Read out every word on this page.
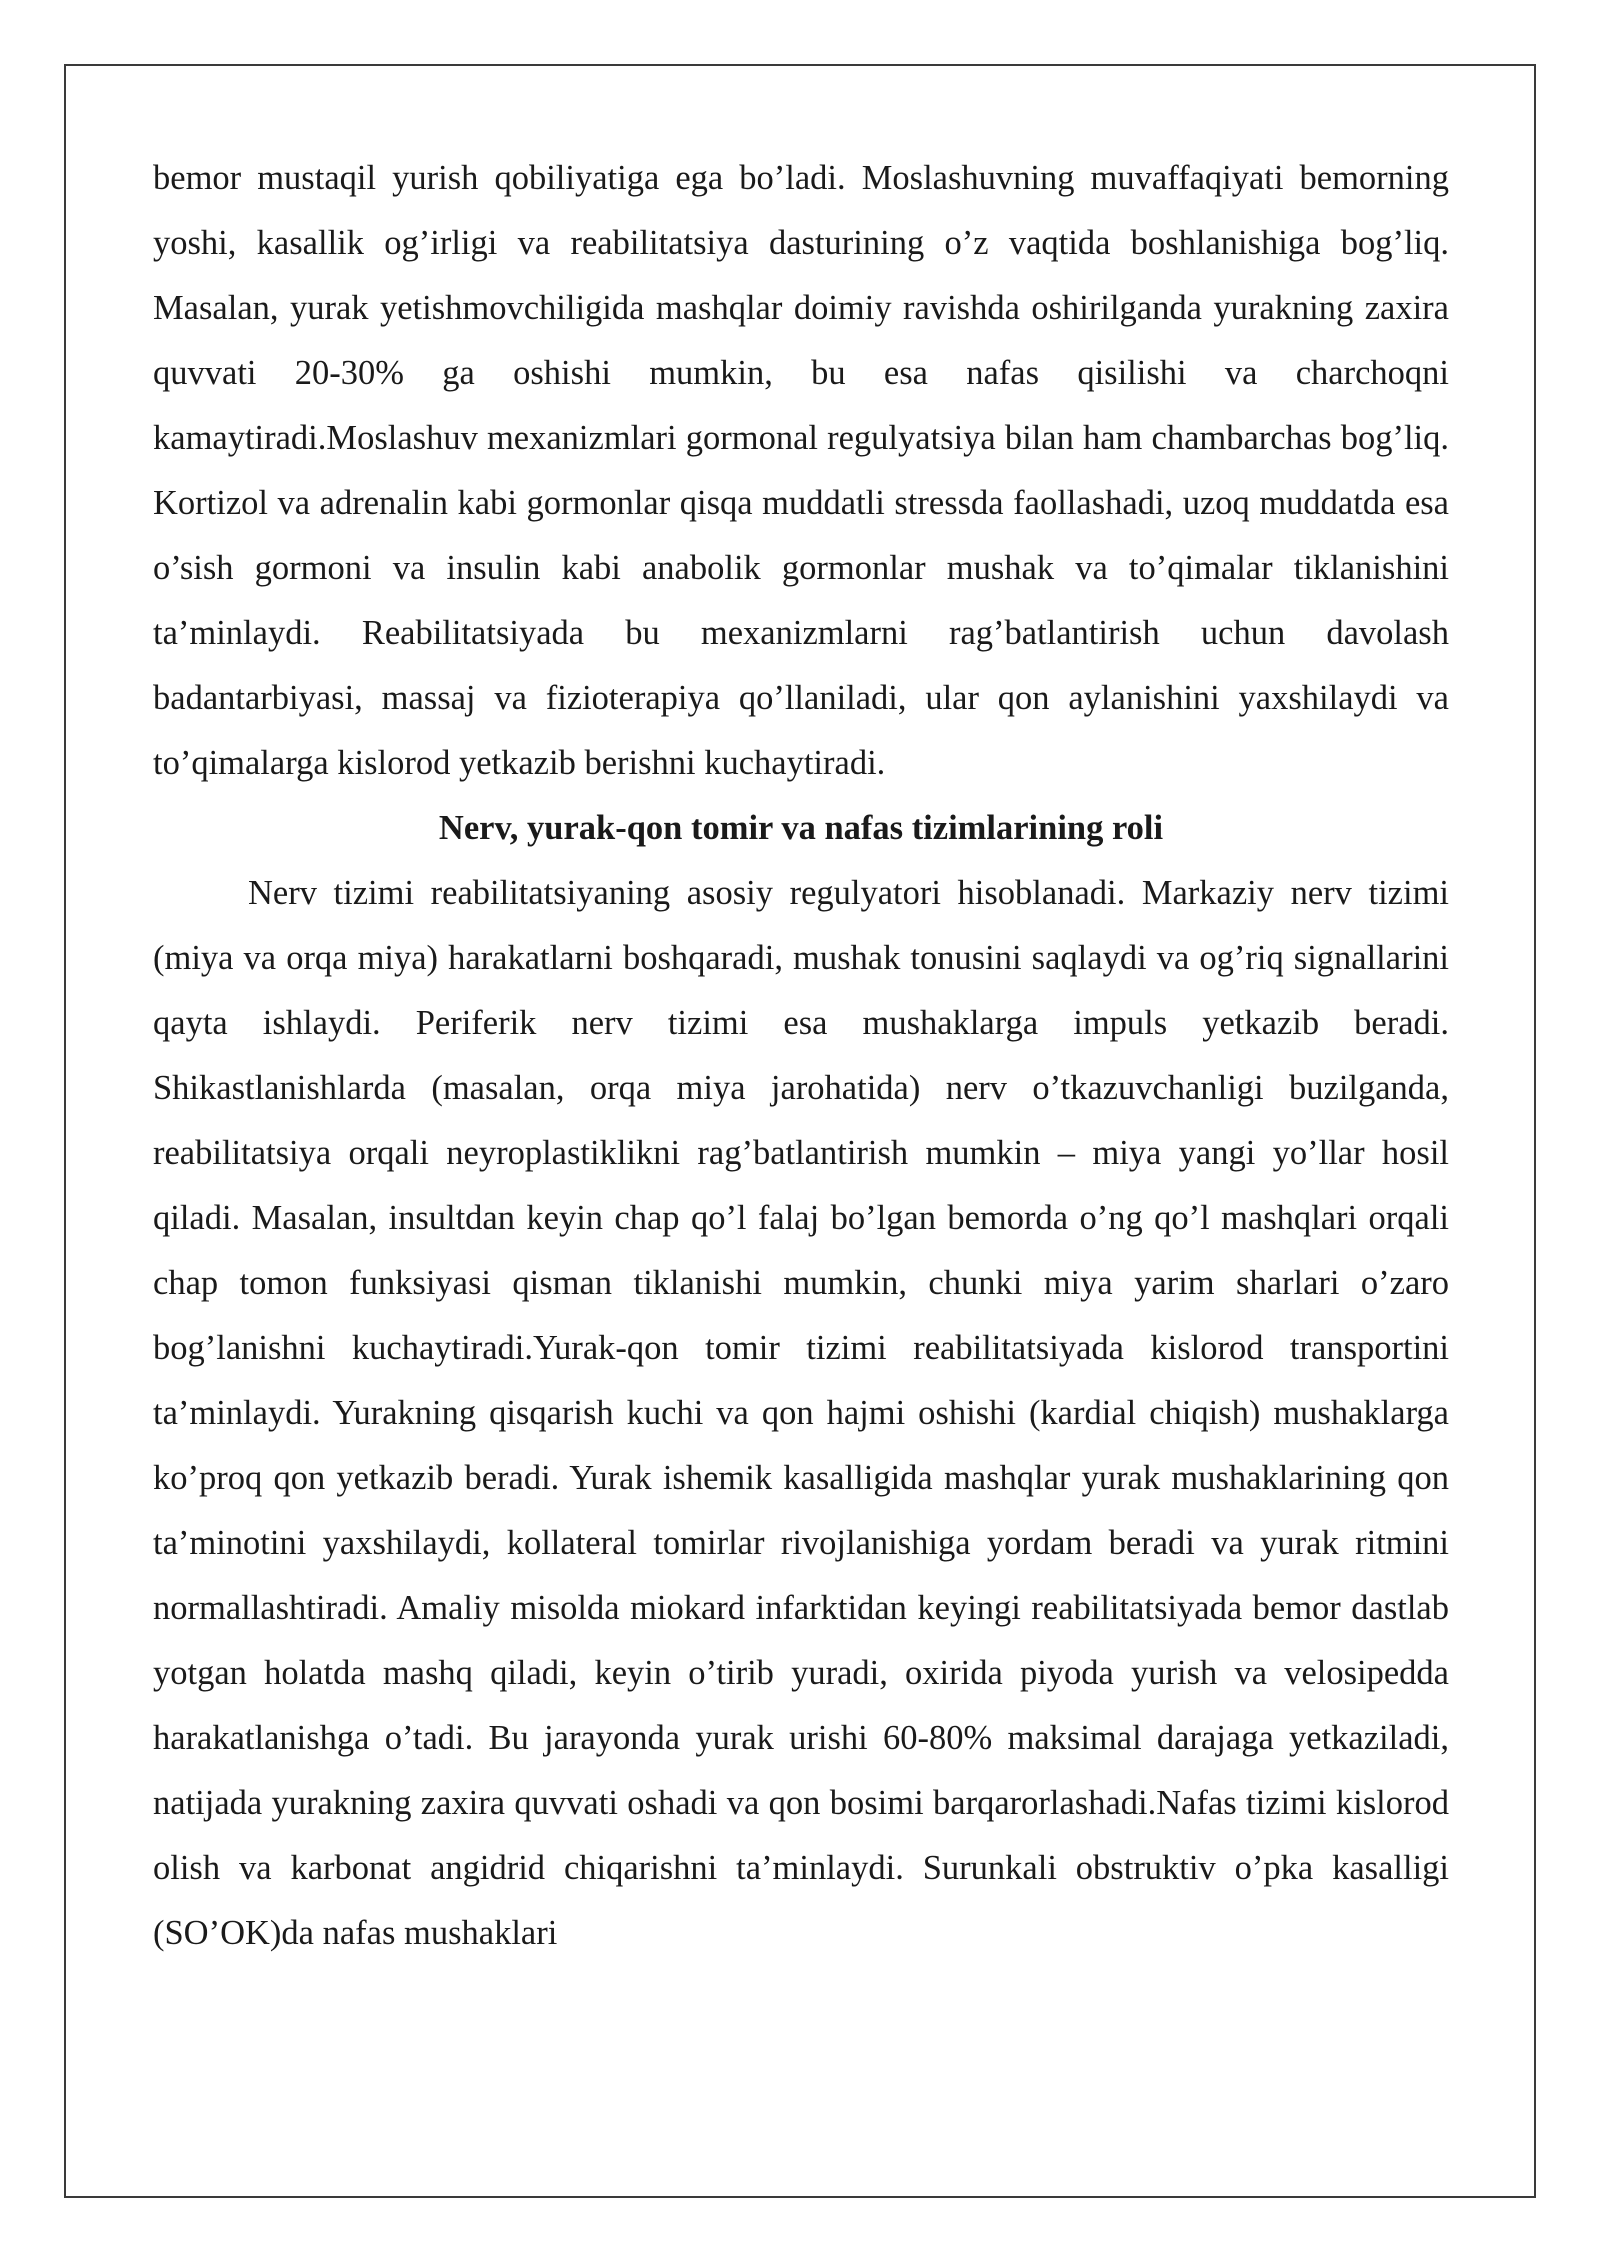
bemor mustaqil yurish qobiliyatiga ega bo’ladi. Moslashuvning muvaffaqiyati bemorning yoshi, kasallik og’irligi va reabilitatsiya dasturining o’z vaqtida boshlanishiga bog’liq. Masalan, yurak yetishmovchiligida mashqlar doimiy ravishda oshirilganda yurakning zaxira quvvati 20-30% ga oshishi mumkin, bu esa nafas qisilishi va charchoqni kamaytiradi.Moslashuv mexanizmlari gormonal regulyatsiya bilan ham chambarchas bog’liq. Kortizol va adrenalin kabi gormonlar qisqa muddatli stressda faollashadi, uzoq muddatda esa o’sish gormoni va insulin kabi anabolik gormonlar mushak va to’qimalar tiklanishini ta’minlaydi. Reabilitatsiyada bu mexanizmlarni rag’batlantirish uchun davolash badantarbiyasi, massaj va fizioterapiya qo’llaniladi, ular qon aylanishini yaxshilaydi va to’qimalarga kislorod yetkazib berishni kuchaytiradi.

Nerv, yurak-qon tomir va nafas tizimlarining roli

Nerv tizimi reabilitatsiyaning asosiy regulyatori hisoblanadi. Markaziy nerv tizimi (miya va orqa miya) harakatlarni boshqaradi, mushak tonusini saqlaydi va og’riq signallarini qayta ishlaydi. Periferik nerv tizimi esa mushaklarga impuls yetkazib beradi. Shikastlanishlarda (masalan, orqa miya jarohatida) nerv o’tkazuvchanligi buzilganda, reabilitatsiya orqali neyroplastiklikni rag’batlantirish mumkin – miya yangi yo’llar hosil qiladi. Masalan, insultdan keyin chap qo’l falaj bo’lgan bemorda o’ng qo’l mashqlari orqali chap tomon funksiyasi qisman tiklanishi mumkin, chunki miya yarim sharlari o’zaro bog’lanishni kuchaytiradi.Yurak-qon tomir tizimi reabilitatsiyada kislorod transportini ta’minlaydi. Yurakning qisqarish kuchi va qon hajmi oshishi (kardial chiqish) mushaklarga ko’proq qon yetkazib beradi. Yurak ishemik kasalligida mashqlar yurak mushaklarining qon ta’minotini yaxshilaydi, kollateral tomirlar rivojlanishiga yordam beradi va yurak ritmini normallashtiradi. Amaliy misolda miokard infarktidan keyingi reabilitatsiyada bemor dastlab yotgan holatda mashq qiladi, keyin o’tirib yuradi, oxirida piyoda yurish va velosipedda harakatlanishga o’tadi. Bu jarayonda yurak urishi 60-80% maksimal darajaga yetkaziladi, natijada yurakning zaxira quvvati oshadi va qon bosimi barqarorlashadi.Nafas tizimi kislorod olish va karbonat angidrid chiqarishni ta’minlaydi. Surunkali obstruktiv o’pka kasalligi (SO’OK)da nafas mushaklari
